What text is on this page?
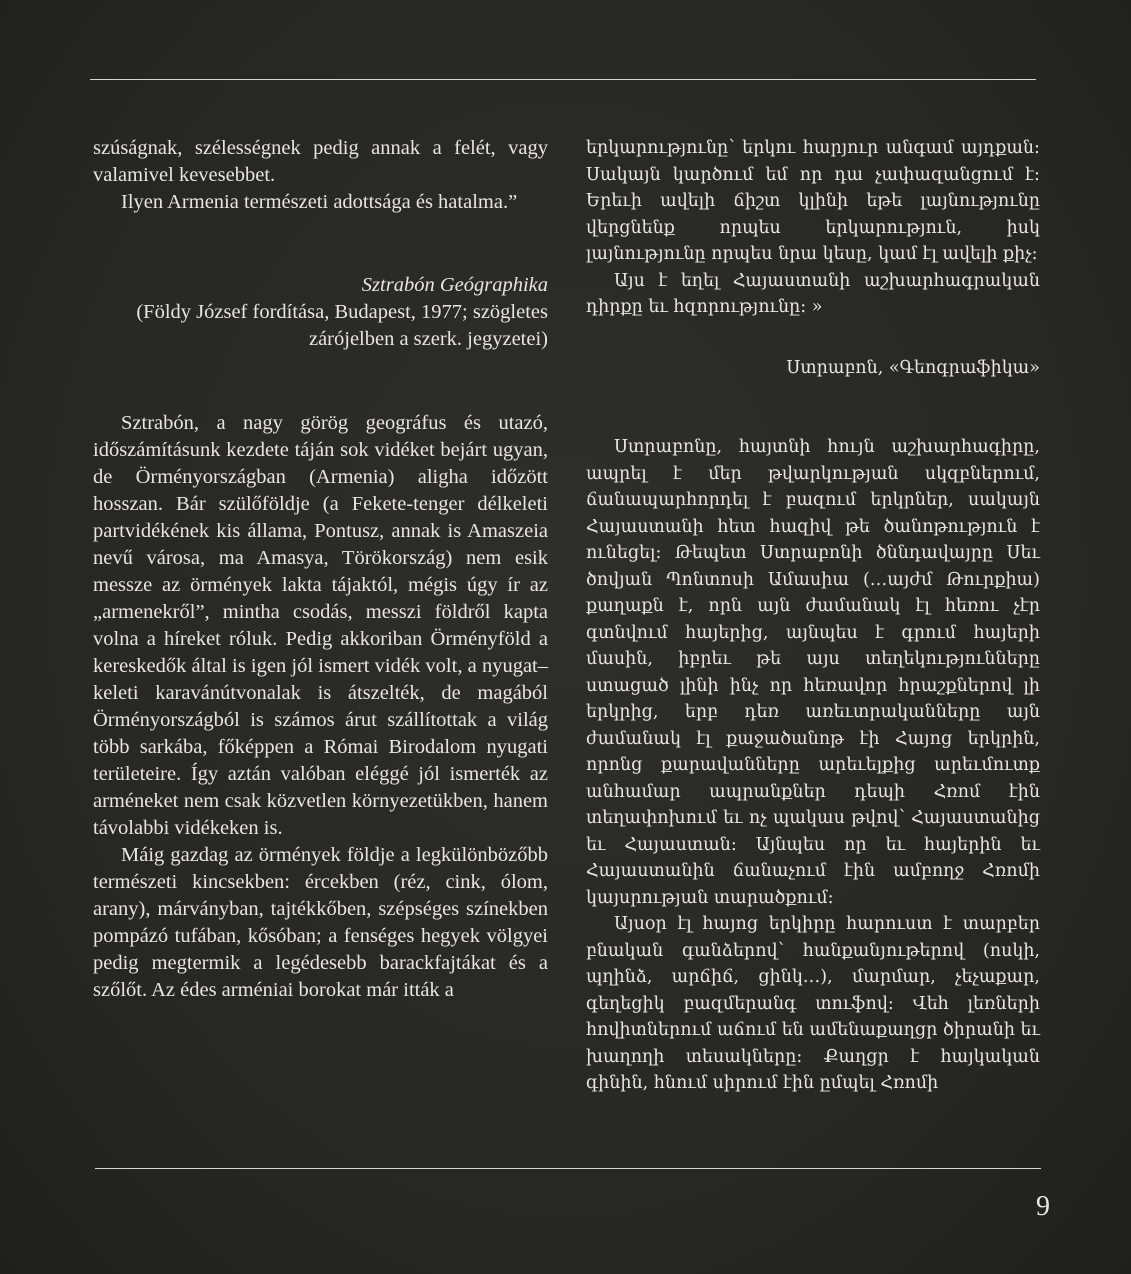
szúságnak, szélességnek pedig annak a felét, vagy valamivel kevesebbet.

Ilyen Armenia természeti adottsága és hatalma.”

Sztrabón Geógraphika

(Földy József fordítása, Budapest, 1977; szögletes zárójelben a szerk. jegyzetei)

Sztrabón, a nagy görög geográfus és utazó, időszámításunk kezdete táján sok vidéket bejárt ugyan, de Örményországban (Armenia) aligha időzött hosszan. Bár szülőföldje (a Fekete-tenger délkeleti partvidékének kis állama, Pontusz, annak is Amaszeia nevű városa, ma Amasya, Törökország) nem esik messze az örmények lakta tájaktól, mégis úgy ír az „armenekről”, mintha csodás, messzi földről kapta volna a híreket róluk. Pedig akkoriban Örményföld a kereskedők által is igen jól ismert vidék volt, a nyugat–keleti karavánútvonalak is átszelték, de magából Örményországból is számos árut szállítottak a világ több sarkába, főképpen a Római Birodalom nyugati területeire. Így aztán valóban eléggé jól ismerték az arméneket nem csak közvetlen környezetükben, hanem távolabbi vidékeken is.

Máig gazdag az örmények földje a legkülönbözőbb természeti kincsekben: ércekben (réz, cink, ólom, arany), márványban, tajtékkőben, szépséges színekben pompázó tufában, kősóban; a fenséges hegyek völgyei pedig megtermik a legédesebb barackfajtákat és a szőlőt. Az édes arméniai borokat már itták a

երկարությունը՝ երկու հարյուր անգամ այդքան։ Սակայն կարծում եմ որ դա չափազանցում է։ Երեւի ավելի ճիշտ կլինի եթե լայնությունը վերցնենք որպես երկարություն, իսկ լայնությունը որպես նրա կեսը, կամ էլ ավելի քիչ։

Այս է եղել Հայաստանի աշխարհագրական դիրքը եւ հզորությունը։ »

Ստրաբոն, «Գեոգրաֆիկա»

Ստրաբոնը, հայտնի հույն աշխարհագիրը, ապրել է մեր թվարկության սկզբներում, ճանապարհորդել է բազում երկրներ, սակայն Հայաստանի հետ հազիվ թե ծանոթություն է ունեցել։ Թեպետ Ստրաբոնի ծննդավայրը Սեւ ծովյան Պոնտոսի Ամասիա (…այժմ Թուրքիա) քաղաքն է, որն այն ժամանակ էլ հեռու չէր գտնվում հայերից, այնպես է գրում հայերի մասին, իբրեւ թե այս տեղեկությունները ստացած լինի ինչ որ հեռավոր հրաշքներով լի երկրից, երբ դեռ առեւտրականները այն ժամանակ էլ քաջածանոթ էի Հայոց երկրին, որոնց քարավանները արեւելքից արեւմուտք անհամար ապրանքներ դեպի Հռոմ էին տեղափոխում եւ ոչ պակաս թվով՝ Հայաստանից եւ Հայաստան։ Այնպես որ եւ հայերին եւ Հայաստանին ճանաչում էին ամբողջ Հռոմի կայսրության տարածքում։

Այսօր էլ հայոց երկիրը հարուստ է տարբեր բնական գանձերով՝ հանքանյութերով (ոսկի, պղինձ, արճիճ, ցինկ…), մարմար, չեչաքար, գեղեցիկ բազմերանգ տուֆով։ Վեհ լեռների հովիտներում աճում են ամենաքաղցր ծիրանի եւ խաղողի տեսակները։ Քաղցր է հայկական գինին, հնում սիրում էին ըմպել Հռոմի

9
